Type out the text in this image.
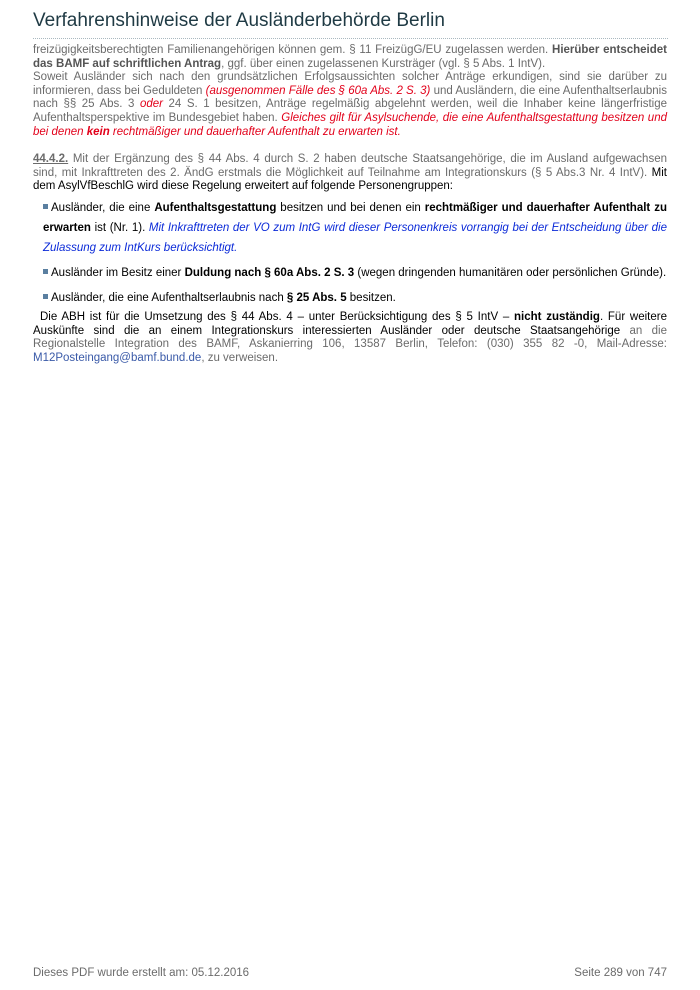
Verfahrenshinweise der Ausländerbehörde Berlin

freizügigkeitsberechtigten Familienangehörigen können gem. § 11 FreizügG/EU zugelassen werden. Hierüber entscheidet das BAMF auf schriftlichen Antrag, ggf. über einen zugelassenen Kursträger (vgl. § 5 Abs. 1 IntV).

Soweit Ausländer sich nach den grundsätzlichen Erfolgsaussichten solcher Anträge erkundigen, sind sie darüber zu informieren, dass bei Geduldeten (ausgenommen Fälle des § 60a Abs. 2 S. 3) und Ausländern, die eine Aufenthaltserlaubnis nach §§ 25 Abs. 3 oder 24 S. 1 besitzen, Anträge regelmäßig abgelehnt werden, weil die Inhaber keine längerfristige Aufenthaltsperspektive im Bundesgebiet haben. Gleiches gilt für Asylsuchende, die eine Aufenthaltsgestattung besitzen und bei denen kein rechtmäßiger und dauerhafter Aufenthalt zu erwarten ist.

44.4.2. Mit der Ergänzung des § 44 Abs. 4 durch S. 2 haben deutsche Staatsangehörige, die im Ausland aufgewachsen sind, mit Inkrafttreten des 2. ÄndG erstmals die Möglichkeit auf Teilnahme am Integrationskurs (§ 5 Abs.3 Nr. 4 IntV). Mit dem AsylVfBeschlG wird diese Regelung erweitert auf folgende Personengruppen:

Ausländer, die eine Aufenthaltsgestattung besitzen und bei denen ein rechtmäßiger und dauerhafter Aufenthalt zu erwarten ist (Nr. 1). Mit Inkrafttreten der VO zum IntG wird dieser Personenkreis vorrangig bei der Entscheidung über die Zulassung zum IntKurs berücksichtigt.
Ausländer im Besitz einer Duldung nach § 60a Abs. 2 S. 3 (wegen dringenden humanitären oder persönlichen Gründe).
Ausländer, die eine Aufenthaltserlaubnis nach § 25 Abs. 5 besitzen.

Die ABH ist für die Umsetzung des § 44 Abs. 4 – unter Berücksichtigung des § 5 IntV – nicht zuständig. Für weitere Auskünfte sind die an einem Integrationskurs interessierten Ausländer oder deutsche Staatsangehörige an die Regionalstelle Integration des BAMF, Askanierring 106, 13587 Berlin, Telefon: (030) 355 82 -0, Mail-Adresse: M12Posteingang@bamf.bund.de, zu verweisen.

Dieses PDF wurde erstellt am: 05.12.2016	Seite 289 von 747
